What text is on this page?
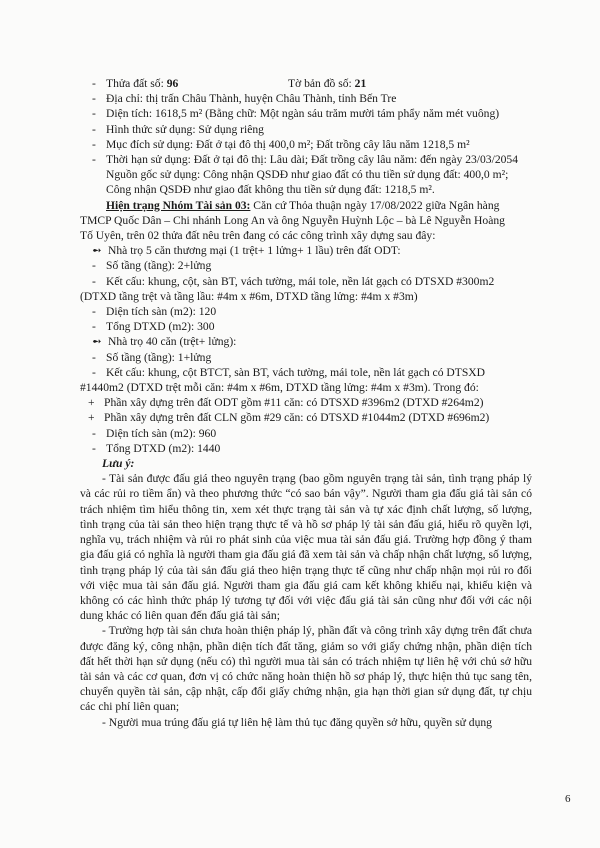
- Thửa đất số: 96	Tờ bản đồ số: 21
- Địa chỉ: thị trấn Châu Thành, huyện Châu Thành, tỉnh Bến Tre
- Diện tích: 1618,5 m² (Bằng chữ: Một ngàn sáu trăm mười tám phẩy năm mét vuông)
- Hình thức sử dụng: Sử dụng riêng
- Mục đích sử dụng: Đất ở tại đô thị 400,0 m²; Đất trồng cây lâu năm 1218,5 m²
- Thời hạn sử dụng: Đất ở tại đô thị: Lâu dài; Đất trồng cây lâu năm: đến ngày 23/03/2054
Nguồn gốc sử dụng: Công nhận QSDĐ như giao đất có thu tiền sử dụng đất: 400,0 m²;
Công nhận QSDĐ như giao đất không thu tiền sử dụng đất: 1218,5 m².
Hiện trạng Nhóm Tài sản 03: Căn cứ Thỏa thuận ngày 17/08/2022 giữa Ngân hàng
TMCP Quốc Dân – Chi nhánh Long An và ông Nguyễn Huỳnh Lộc – bà Lê Nguyễn Hoàng
Tố Uyên, trên 02 thửa đất nêu trên đang có các công trình xây dựng sau đây:
➻ Nhà trọ 5 căn thương mại (1 trệt+ 1 lửng+ 1 lầu) trên đất ODT:
- Số tầng (tầng): 2+lửng
- Kết cấu: khung, cột, sàn BT, vách tường, mái tole, nền lát gạch có DTSXD #300m2
(DTXD tầng trệt và tầng lầu: #4m x #6m, DTXD tầng lửng: #4m x #3m)
- Diện tích sàn (m2): 120
- Tổng DTXD (m2): 300
➻ Nhà trọ 40 căn (trệt+ lửng):
- Số tầng (tầng): 1+lửng
- Kết cấu: khung, cột BTCT, sàn BT, vách tường, mái tole, nền lát gạch có DTSXD
#1440m2 (DTXD trệt mỗi căn: #4m x #6m, DTXD tầng lửng: #4m x #3m). Trong đó:
+ Phần xây dựng trên đất ODT gồm #11 căn: có DTSXD #396m2 (DTXD #264m2)
+ Phần xây dựng trên đất CLN gồm #29 căn: có DTSXD #1044m2 (DTXD #696m2)
- Diện tích sàn (m2): 960
- Tổng DTXD (m2): 1440
Lưu ý:
- Tài sản được đấu giá theo nguyên trạng (bao gồm nguyên trạng tài sản, tình trạng pháp lý và các rủi ro tiềm ẩn) và theo phương thức “có sao bán vậy”. Người tham gia đấu giá tài sản có trách nhiệm tìm hiểu thông tin, xem xét thực trạng tài sản và tự xác định chất lượng, số lượng, tình trạng của tài sản theo hiện trạng thực tế và hồ sơ pháp lý tài sản đấu giá, hiểu rõ quyền lợi, nghĩa vụ, trách nhiệm và rủi ro phát sinh của việc mua tài sản đấu giá. Trường hợp đồng ý tham gia đấu giá có nghĩa là người tham gia đấu giá đã xem tài sản và chấp nhận chất lượng, số lượng, tình trạng pháp lý của tài sản đấu giá theo hiện trạng thực tế cũng như chấp nhận mọi rủi ro đối với việc mua tài sản đấu giá. Người tham gia đấu giá cam kết không khiếu nại, khiếu kiện và không có các hình thức pháp lý tương tự đối với việc đấu giá tài sản cũng như đối với các nội dung khác có liên quan đến đấu giá tài sản;
- Trường hợp tài sản chưa hoàn thiện pháp lý, phần đất và công trình xây dựng trên đất chưa được đăng ký, công nhận, phần diện tích đất tăng, giảm so với giấy chứng nhận, phần diện tích đất hết thời hạn sử dụng (nếu có) thì người mua tài sản có trách nhiệm tự liên hệ với chủ sở hữu tài sản và các cơ quan, đơn vị có chức năng hoàn thiện hồ sơ pháp lý, thực hiện thủ tục sang tên, chuyển quyền tài sản, cập nhật, cấp đổi giấy chứng nhận, gia hạn thời gian sử dụng đất, tự chịu các chi phí liên quan;
- Người mua trúng đấu giá tự liên hệ làm thủ tục đăng quyền sở hữu, quyền sử dụng
6
